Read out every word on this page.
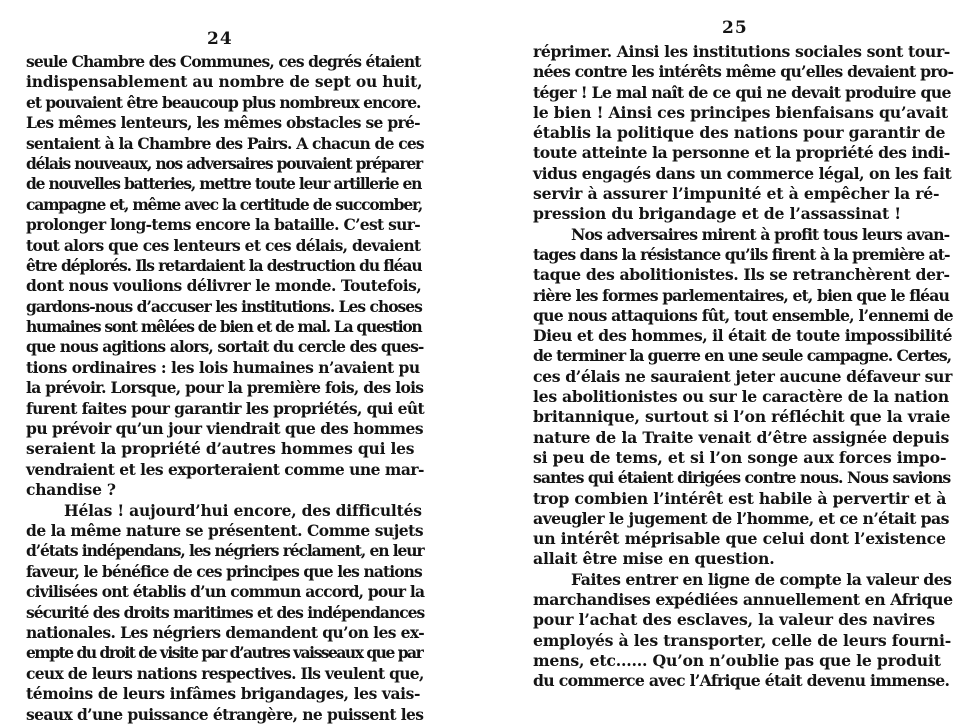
24
seule Chambre des Communes, ces degrés étaient
indispensablement au nombre de sept ou huit,
et pouvaient être beaucoup plus nombreux encore.
Les mêmes lenteurs, les mêmes obstacles se pré-
sentaient à la Chambre des Pairs. A chacun de ces
délais nouveaux, nos adversaires pouvaient préparer
de nouvelles batteries, mettre toute leur artillerie en
campagne et, même avec la certitude de succomber,
prolonger long-tems encore la bataille. C’est sur-
tout alors que ces lenteurs et ces délais, devaient
être déplorés. Ils retardaient la destruction du fléau
dont nous voulions délivrer le monde. Toutefois,
gardons-nous d’accuser les institutions. Les choses
humaines sont mêlées de bien et de mal. La question
que nous agitions alors, sortait du cercle des ques-
tions ordinaires : les lois humaines n’avaient pu
la prévoir. Lorsque, pour la première fois, des lois
furent faites pour garantir les propriétés, qui eût
pu prévoir qu’un jour viendrait que des hommes
seraient la propriété d’autres hommes qui les
vendraient et les exporteraient comme une mar-
chandise ?
Hélas ! aujourd’hui encore, des difficultés
de la même nature se présentent. Comme sujets
d’états indépendans, les négriers réclament, en leur
faveur, le bénéfice de ces principes que les nations
civilisées ont établis d’un commun accord, pour la
sécurité des droits maritimes et des indépendances
nationales. Les négriers demandent qu’on les ex-
empte du droit de visite par d’autres vaisseaux que par
ceux de leurs nations respectives. Ils veulent que,
témoins de leurs infâmes brigandages, les vais-
seaux d’une puissance étrangère, ne puissent les
25
réprimer. Ainsi les institutions sociales sont tour-
nées contre les intérêts même qu’elles devaient pro-
téger ! Le mal naît de ce qui ne devait produire que
le bien ! Ainsi ces principes bienfaisans qu’avait
établis la politique des nations pour garantir de
toute atteinte la personne et la propriété des indi-
vidus engagés dans un commerce légal, on les fait
servir à assurer l’impunité et à empêcher la ré-
pression du brigandage et de l’assassinat !
Nos adversaires mirent à profit tous leurs avan-
tages dans la résistance qu’ils firent à la première at-
taque des abolitionistes. Ils se retranchèrent der-
rière les formes parlementaires, et, bien que le fléau
que nous attaquions fût, tout ensemble, l’ennemi de
Dieu et des hommes, il était de toute impossibilité
de terminer la guerre en une seule campagne. Certes,
ces d’élais ne sauraient jeter aucune défaveur sur
les abolitionistes ou sur le caractère de la nation
britannique, surtout si l’on réfléchit que la vraie
nature de la Traite venait d’être assignée depuis
si peu de tems, et si l’on songe aux forces impo-
santes qui étaient dirigées contre nous. Nous savions
trop combien l’intérêt est habile à pervertir et à
aveugler le jugement de l’homme, et ce n’était pas
un intérêt méprisable que celui dont l’existence
allait être mise en question.
Faites entrer en ligne de compte la valeur des
marchandises expédiées annuellement en Afrique
pour l’achat des esclaves, la valeur des navires
employés à les transporter, celle de leurs fourni-
mens, etc...... Qu’on n’oublie pas que le produit
du commerce avec l’Afrique était devenu immense.
